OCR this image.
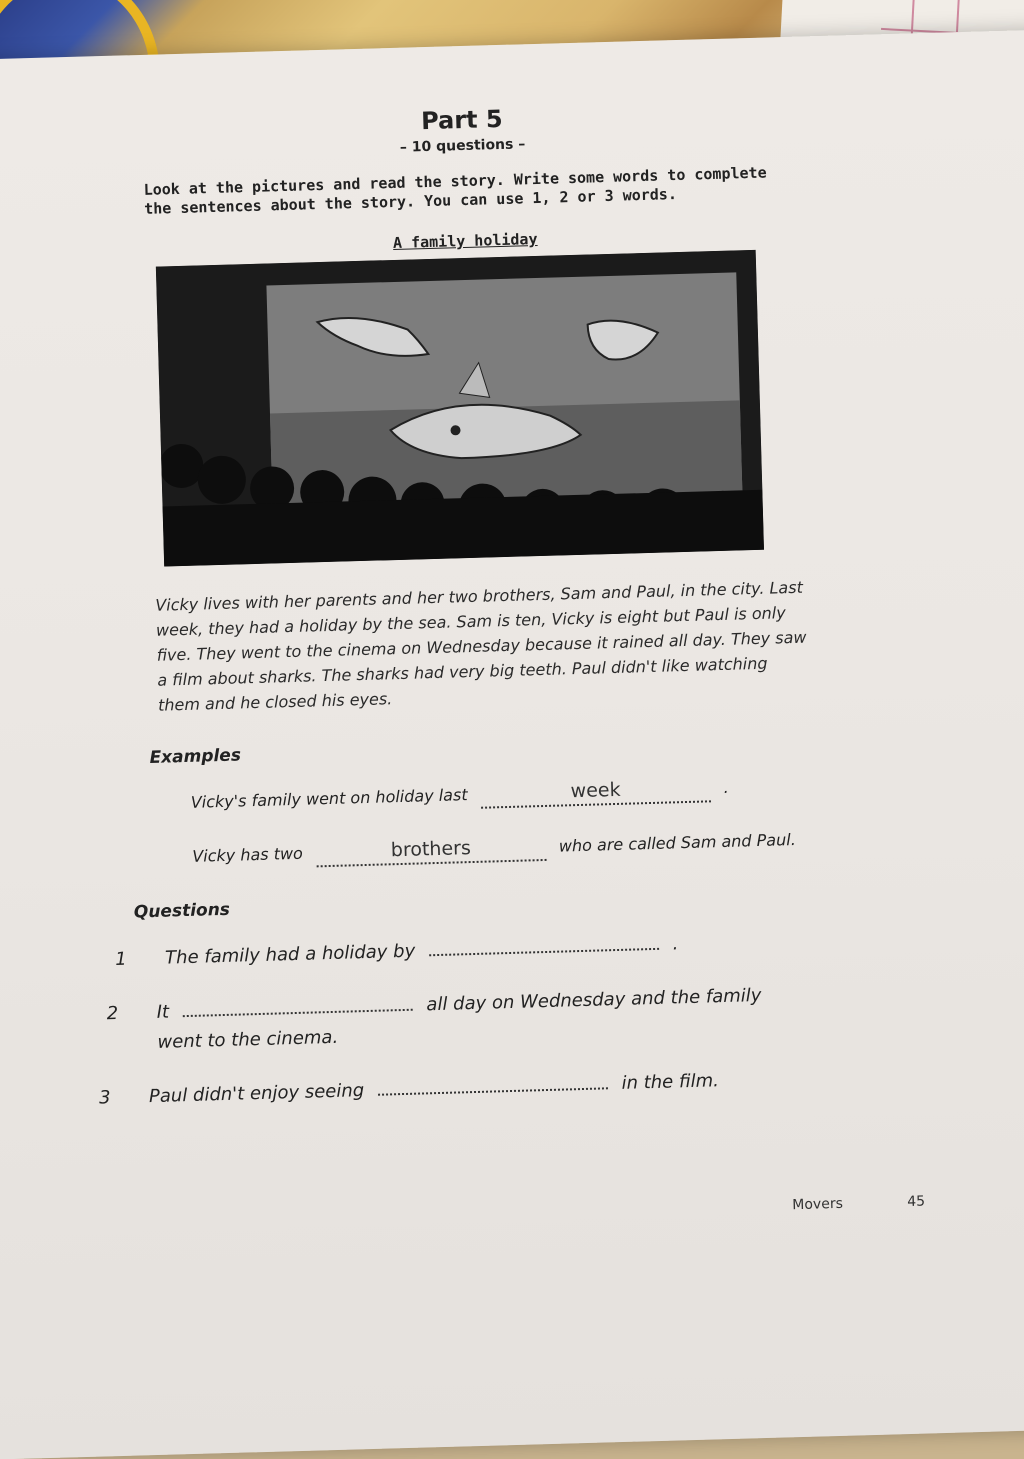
Part 5
– 10 questions –

Look at the pictures and read the story. Write some words to complete the sentences about the story. You can use 1, 2 or 3 words.

A family holiday

Vicky lives with her parents and her two brothers, Sam and Paul, in the city. Last week, they had a holiday by the sea. Sam is ten, Vicky is eight but Paul is only five. They went to the cinema on Wednesday because it rained all day. They saw a film about sharks. The sharks had very big teeth. Paul didn't like watching them and he closed his eyes.

Examples
Vicky's family went on holiday last	week	.
Vicky has two	brothers	who are called Sam and Paul.
Questions
1 The family had a holiday by	.
2 It	all day on Wednesday and the family went to the cinema.
3 Paul didn't enjoy seeing	in the film.
Movers	45
